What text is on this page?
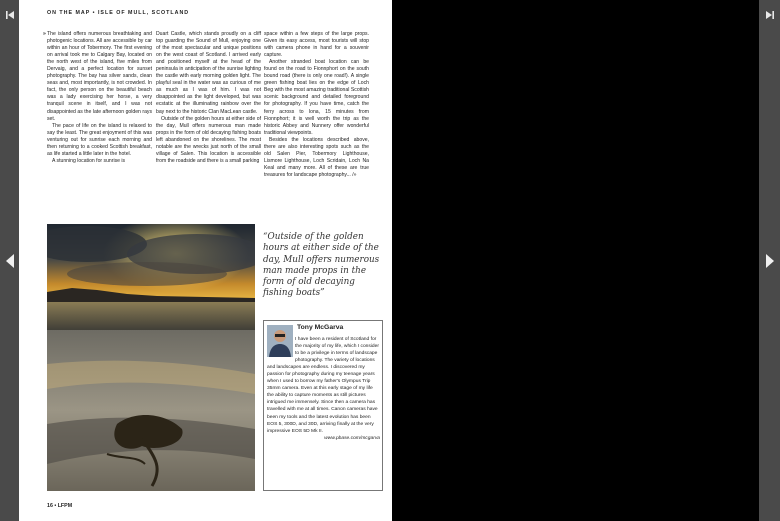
ON THE MAP • ISLE OF MULL, SCOTLAND
» The island offers numerous breathtaking and photogenic locations. All are accessible by car within an hour of Tobermory. The first evening on arrival took me to Calgary Bay, located on the north west of the island, five miles from Dervaig, and a perfect location for sunset photography. The bay has silver sands, clean seas and, most importantly, is not crowded. In fact, the only person on the beautiful beach was a lady exercising her horse, a very tranquil scene in itself, and I was not disappointed as the late afternoon golden rays set.

The pace of life on the island is relaxed to say the least. The great enjoyment of this was venturing out for sunrise each morning and then returning to a cooked Scottish breakfast, as life started a little later in the hotel.

A stunning location for sunrise is

Duart Castle, which stands proudly on a cliff top guarding the Sound of Mull, enjoying one of the most spectacular and unique positions on the west coast of Scotland. I arrived early and positioned myself at the head of the peninsula in anticipation of the sunrise lighting the castle with early morning golden light. The playful seal in the water was as curious of me as much as I was of him. I was not disappointed as the light developed, but was ecstatic at the illuminating rainbow over the bay next to the historic Clan MacLean castle.

Outside of the golden hours at either side of the day, Mull offers numerous man made props in the form of old decaying fishing boats left abandoned on the shorelines. The most notable are the wrecks just north of the small village of Salen. This location is accessible from the roadside and there is a small parking

space within a few steps of the large props. Given its easy access, most tourists will stop with camera phone in hand for a souvenir capture.

Another stranded boat location can be found on the road to Fionnphort on the south bound road (there is only one road!). A single green fishing boat lies on the edge of Loch Beg with the most amazing traditional Scottish scenic background and detailed foreground for photography. If you have time, catch the ferry across to Iona, 15 minutes from Fionnphort; it is well worth the trip as the historic Abbey and Nunnery offer wonderful traditional viewpoints.

Besides the locations described above, there are also interesting spots such as the old Salen Pier, Tobermory Lighthouse, Lismore Lighthouse, Loch Scridain, Loch Na Keal and many more. All of these are true treasures for landscape photography... /»

“Outside of the golden hours at either side of the day, Mull offers numerous man made props in the form of old decaying fishing boats”
Tony McGarva
I have been a resident of Scotland for the majority of my life, which I consider to be a privilege in terms of landscape photography. The variety of locations and landscapes are endless. I discovered my passion for photography during my teenage years when I used to borrow my father's Olympus Trip 35mm camera. Even at this early stage of my life the ability to capture moments as still pictures intrigued me immensely. Since then a camera has travelled with me at all times. Canon cameras have been my tools and the latest evolution has been EOS 5, 300D, and 30D, arriving finally at the very impressive EOS 5D Mk II.
www.pbase.com/mcgarva
16 • LFPM
